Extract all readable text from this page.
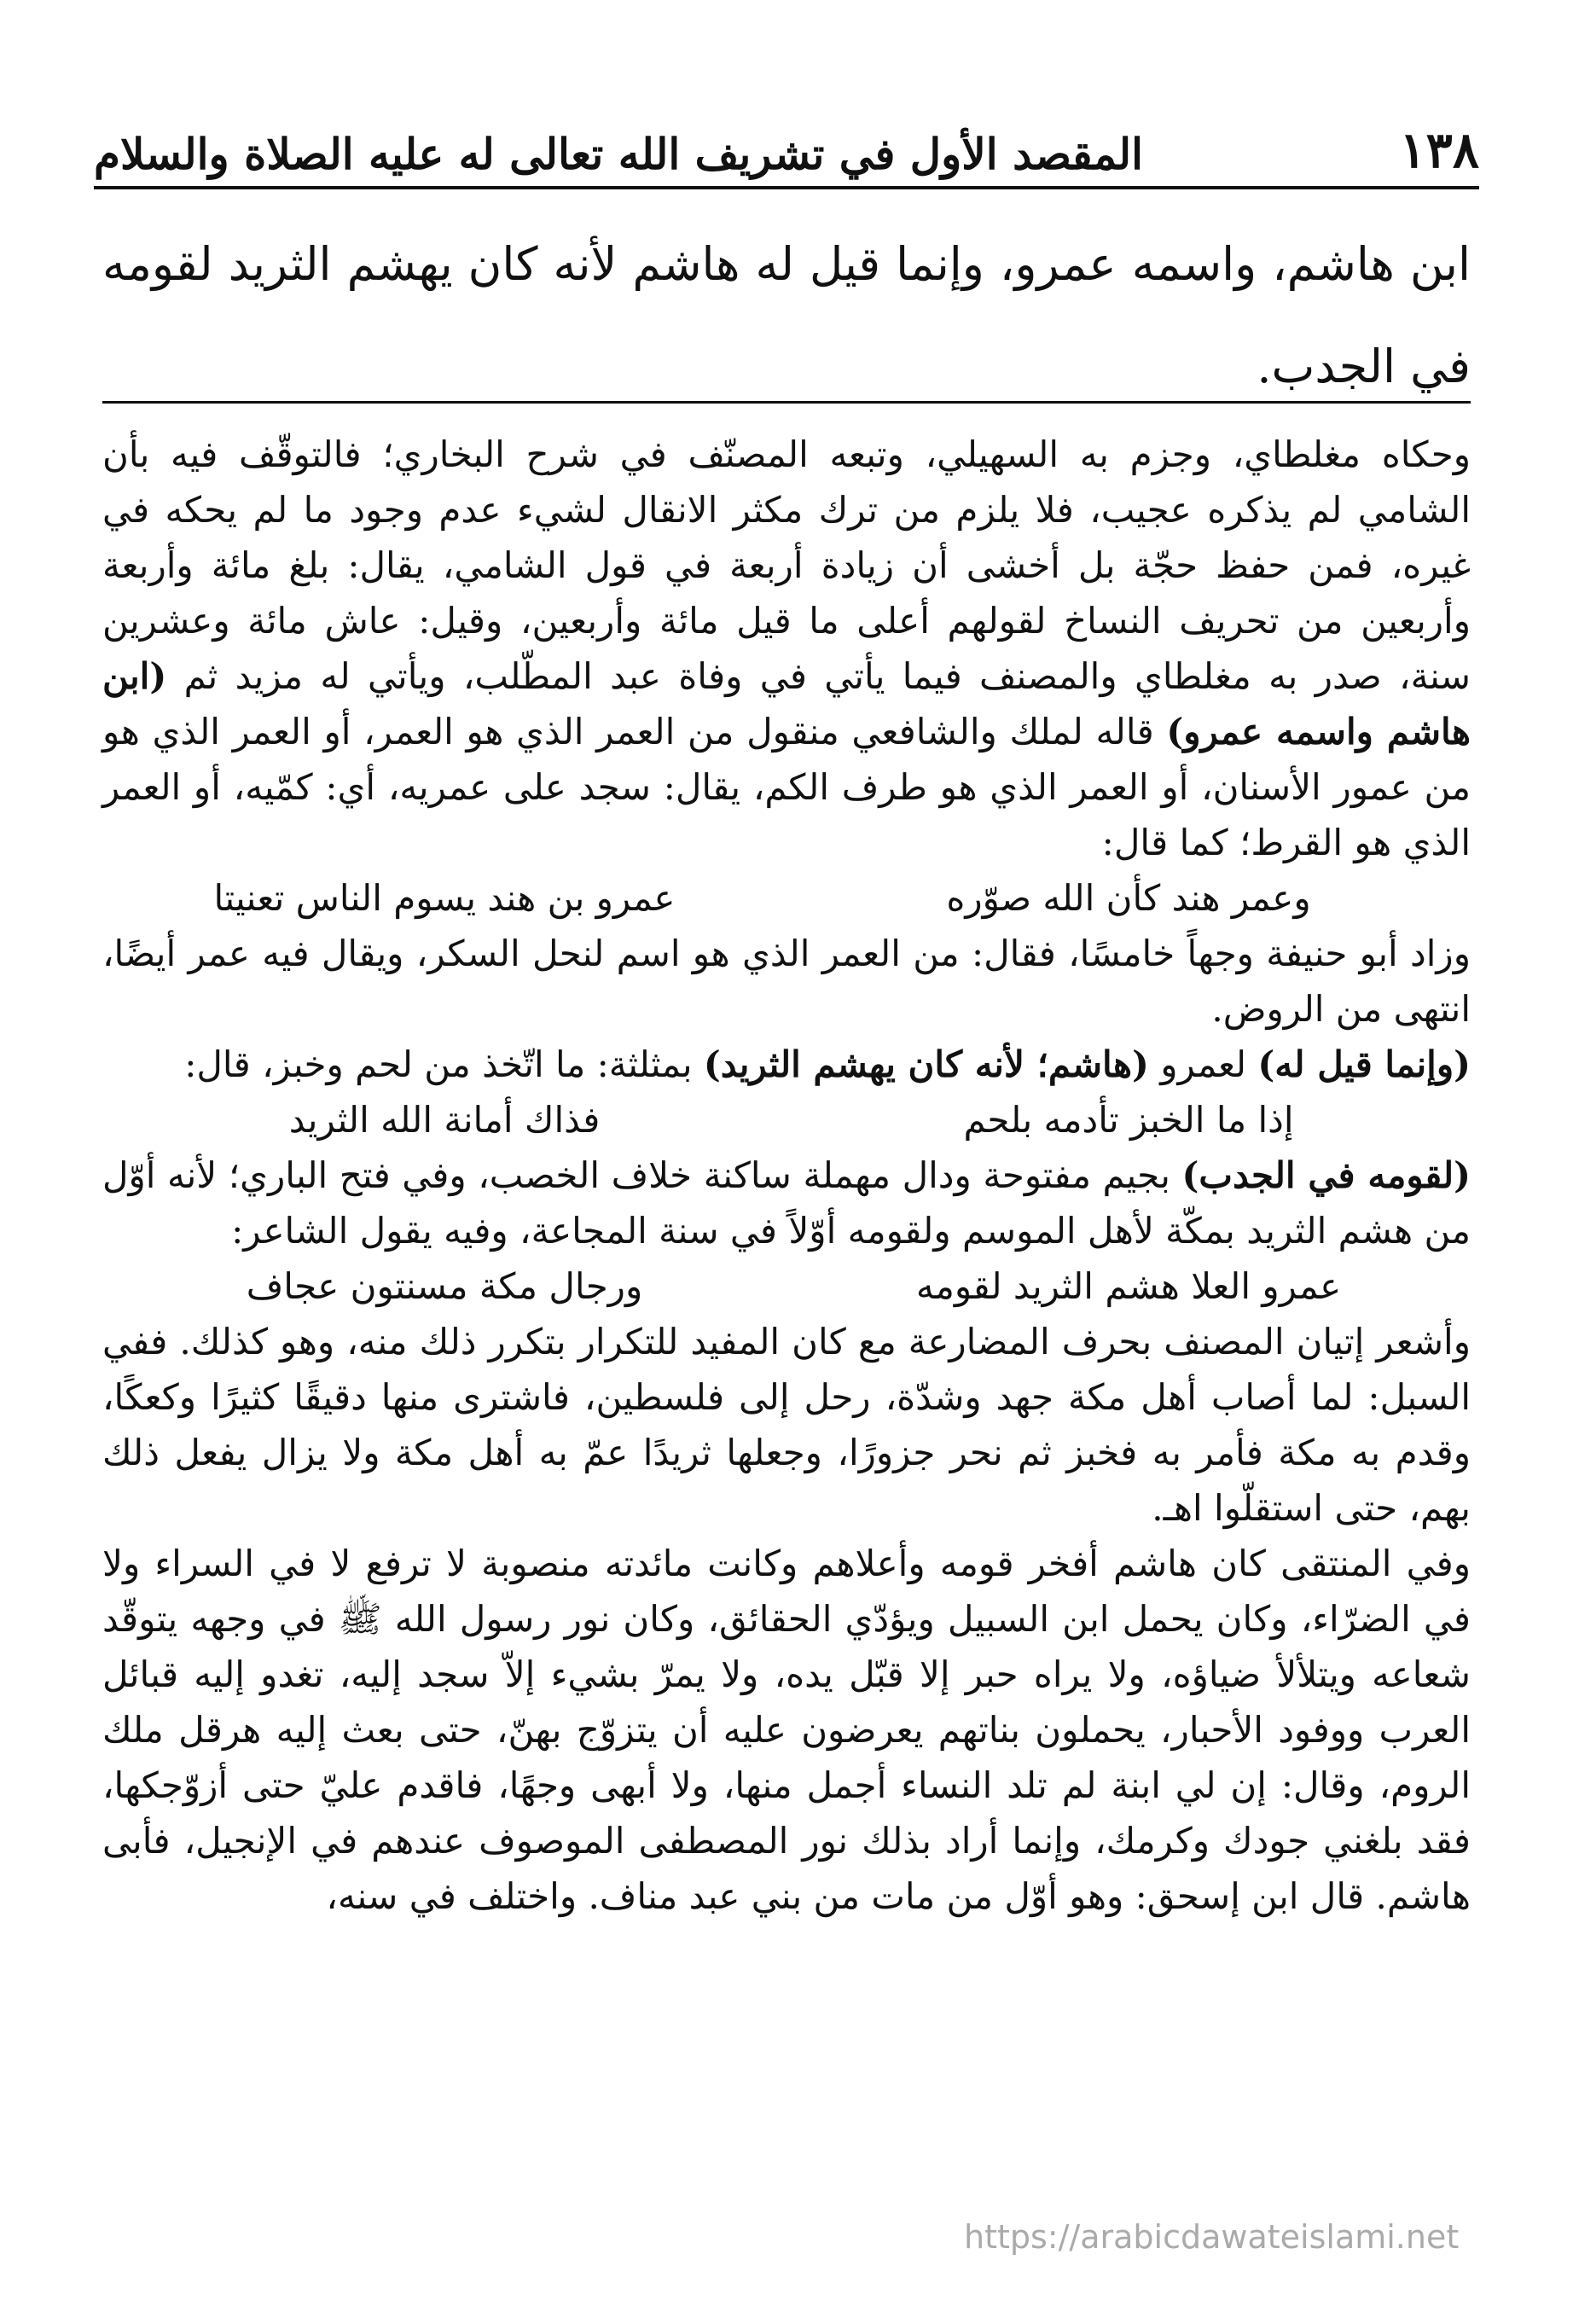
١٣٨
المقصد الأول في تشريف الله تعالى له عليه الصلاة والسلام

ابن هاشم، واسمه عمرو، وإنما قيل له هاشم لأنه كان يهشم الثريد لقومه في الجدب.

وحكاه مغلطاي، وجزم به السهيلي، وتبعه المصنّف في شرح البخاري؛ فالتوقّف فيه بأن الشامي لم يذكره عجيب، فلا يلزم من ترك مكثر الانقال لشيء عدم وجود ما لم يحكه في غيره، فمن حفظ حجّة بل أخشى أن زيادة أربعة في قول الشامي، يقال: بلغ مائة وأربعة وأربعين من تحريف النساخ لقولهم أعلى ما قيل مائة وأربعين، وقيل: عاش مائة وعشرين سنة، صدر به مغلطاي والمصنف فيما يأتي في وفاة عبد المطّلب، ويأتي له مزيد ثم (ابن هاشم واسمه عمرو) قاله لملك والشافعي منقول من العمر الذي هو العمر، أو العمر الذي هو من عمور الأسنان، أو العمر الذي هو طرف الكم، يقال: سجد على عمريه، أي: كمّيه، أو العمر الذي هو القرط؛ كما قال:

وعمر هند كأن الله صوّره
عمرو بن هند يسوم الناس تعنيتا

وزاد أبو حنيفة وجهاً خامسًا، فقال: من العمر الذي هو اسم لنحل السكر، ويقال فيه عمر أيضًا، انتهى من الروض.

(وإنما قيل له) لعمرو (هاشم؛ لأنه كان يهشم الثريد) بمثلثة: ما اتّخذ من لحم وخبز، قال:

إذا ما الخبز تأدمه بلحم
فذاك أمانة الله الثريد

(لقومه في الجدب) بجيم مفتوحة ودال مهملة ساكنة خلاف الخصب، وفي فتح الباري؛ لأنه أوّل من هشم الثريد بمكّة لأهل الموسم ولقومه أوّلاً في سنة المجاعة، وفيه يقول الشاعر:

عمرو العلا هشم الثريد لقومه
ورجال مكة مسنتون عجاف

وأشعر إتيان المصنف بحرف المضارعة مع كان المفيد للتكرار بتكرر ذلك منه، وهو كذلك. ففي السبل: لما أصاب أهل مكة جهد وشدّة، رحل إلى فلسطين، فاشترى منها دقيقًا كثيرًا وكعكًا، وقدم به مكة فأمر به فخبز ثم نحر جزورًا، وجعلها ثريدًا عمّ به أهل مكة ولا يزال يفعل ذلك بهم، حتى استقلّوا اهـ.

وفي المنتقى كان هاشم أفخر قومه وأعلاهم وكانت مائدته منصوبة لا ترفع لا في السراء ولا في الضرّاء، وكان يحمل ابن السبيل ويؤدّي الحقائق، وكان نور رسول الله ﷺ في وجهه يتوقّد شعاعه ويتلألأ ضياؤه، ولا يراه حبر إلا قبّل يده، ولا يمرّ بشيء إلاّ سجد إليه، تغدو إليه قبائل العرب ووفود الأحبار، يحملون بناتهم يعرضون عليه أن يتزوّج بهنّ، حتى بعث إليه هرقل ملك الروم، وقال: إن لي ابنة لم تلد النساء أجمل منها، ولا أبهى وجهًا، فاقدم عليّ حتى أزوّجكها، فقد بلغني جودك وكرمك، وإنما أراد بذلك نور المصطفى الموصوف عندهم في الإنجيل، فأبى هاشم. قال ابن إسحق: وهو أوّل من مات من بني عبد مناف. واختلف في سنه،

https://arabicdawateislami.net
